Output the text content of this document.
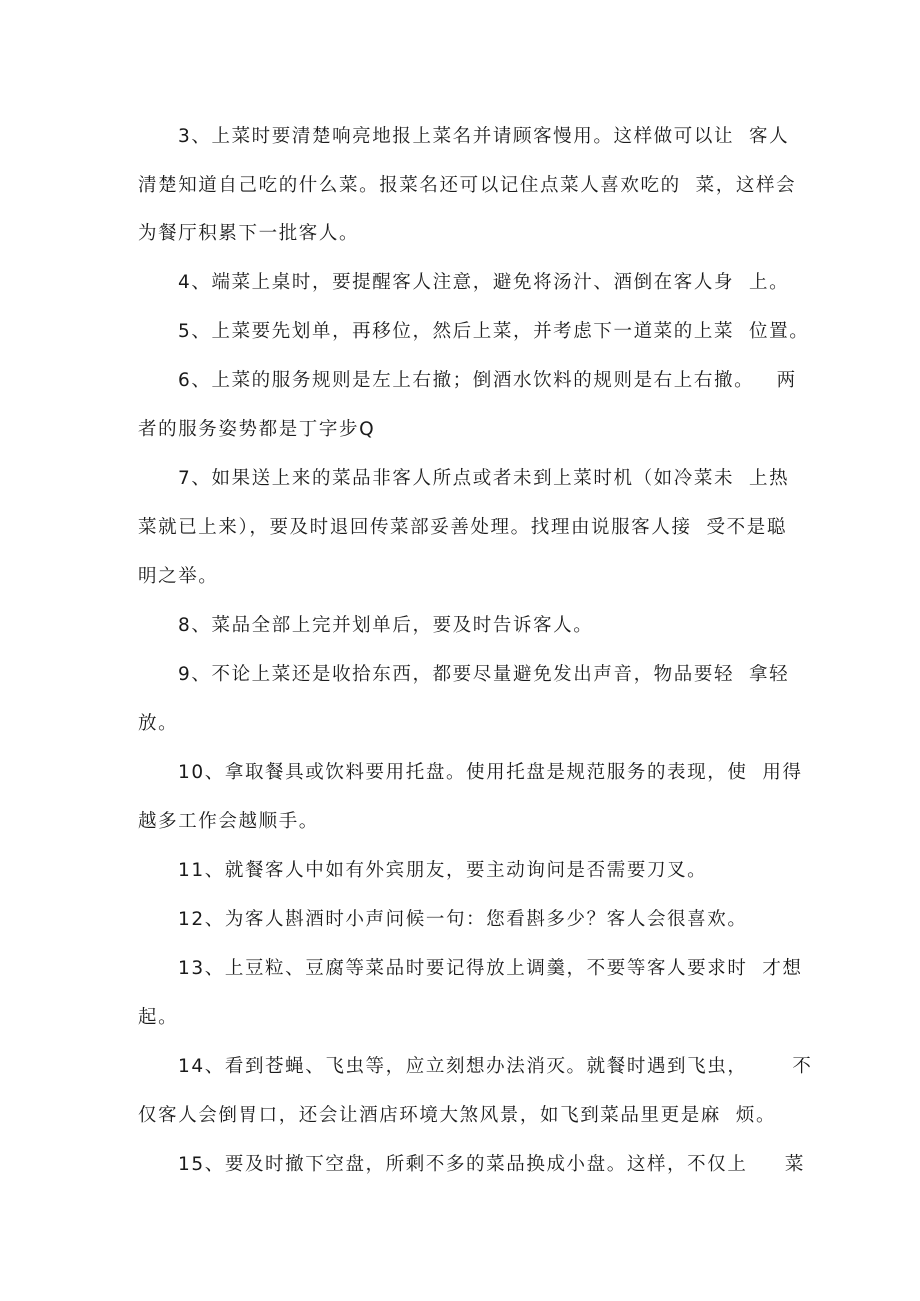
3、上菜时要清楚响亮地报上菜名并请顾客慢用。这样做可以让  客人

清楚知道自己吃的什么菜。报菜名还可以记住点菜人喜欢吃的  菜，这样会

为餐厅积累下一批客人。

4、端菜上桌时，要提醒客人注意，避免将汤汁、酒倒在客人身  上。

5、上菜要先划单，再移位，然后上菜，并考虑下一道菜的上菜  位置。

6、上菜的服务规则是左上右撤；倒酒水饮料的规则是右上右撤。   两

者的服务姿势都是丁字步Q

7、如果送上来的菜品非客人所点或者未到上菜时机（如冷菜未  上热

菜就已上来），要及时退回传菜部妥善处理。找理由说服客人接  受不是聪

明之举。

8、菜品全部上完并划单后，要及时告诉客人。

9、不论上菜还是收拾东西，都要尽量避免发出声音，物品要轻  拿轻

放。

10、拿取餐具或饮料要用托盘。使用托盘是规范服务的表现，使  用得

越多工作会越顺手。

11、就餐客人中如有外宾朋友，要主动询问是否需要刀叉。

12、为客人斟酒时小声问候一句：您看斟多少？客人会很喜欢。

13、上豆粒、豆腐等菜品时要记得放上调羹，不要等客人要求时  才想

起。

14、看到苍蝇、飞虫等，应立刻想办法消灭。就餐时遇到飞虫，      不

仅客人会倒胃口，还会让酒店环境大煞风景，如飞到菜品里更是麻  烦。

15、要及时撤下空盘，所剩不多的菜品换成小盘。这样，不仅上     菜
